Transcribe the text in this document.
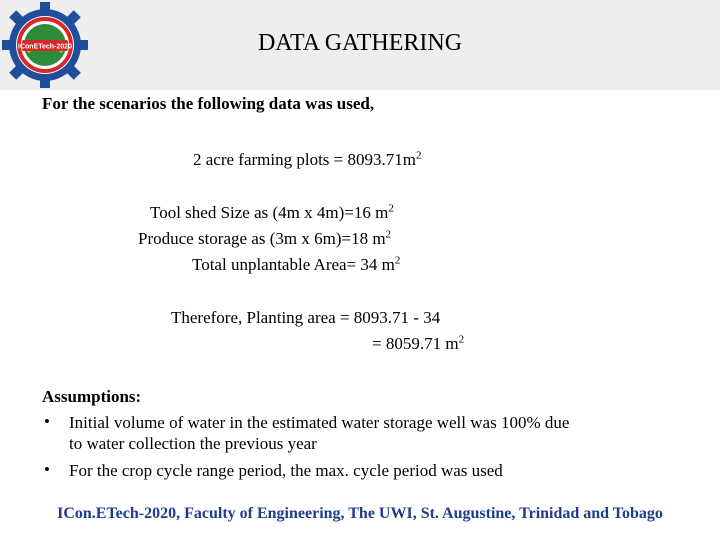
IConETech-2020	DATA GATHERING
For the scenarios the following data was used,
2 acre farming plots = $8093.71m^2$
Tool shed Size as (4m x 4m)=16 $m^2$
Produce storage as (3m x 6m)=18 $m^2$
Total unplantable Area= 34 $m^2$
Therefore, Planting area = 8093.71 - 34
= 8059.71 $m^2$
Assumptions:
• Initial volume of water in the estimated water storage well was 100% due
to water collection the previous year
• For the crop cycle range period, the max. cycle period was used
ICon.ETech-2020, Faculty of Engineering, The UWI, St. Augustine, Trinidad and Tobago
